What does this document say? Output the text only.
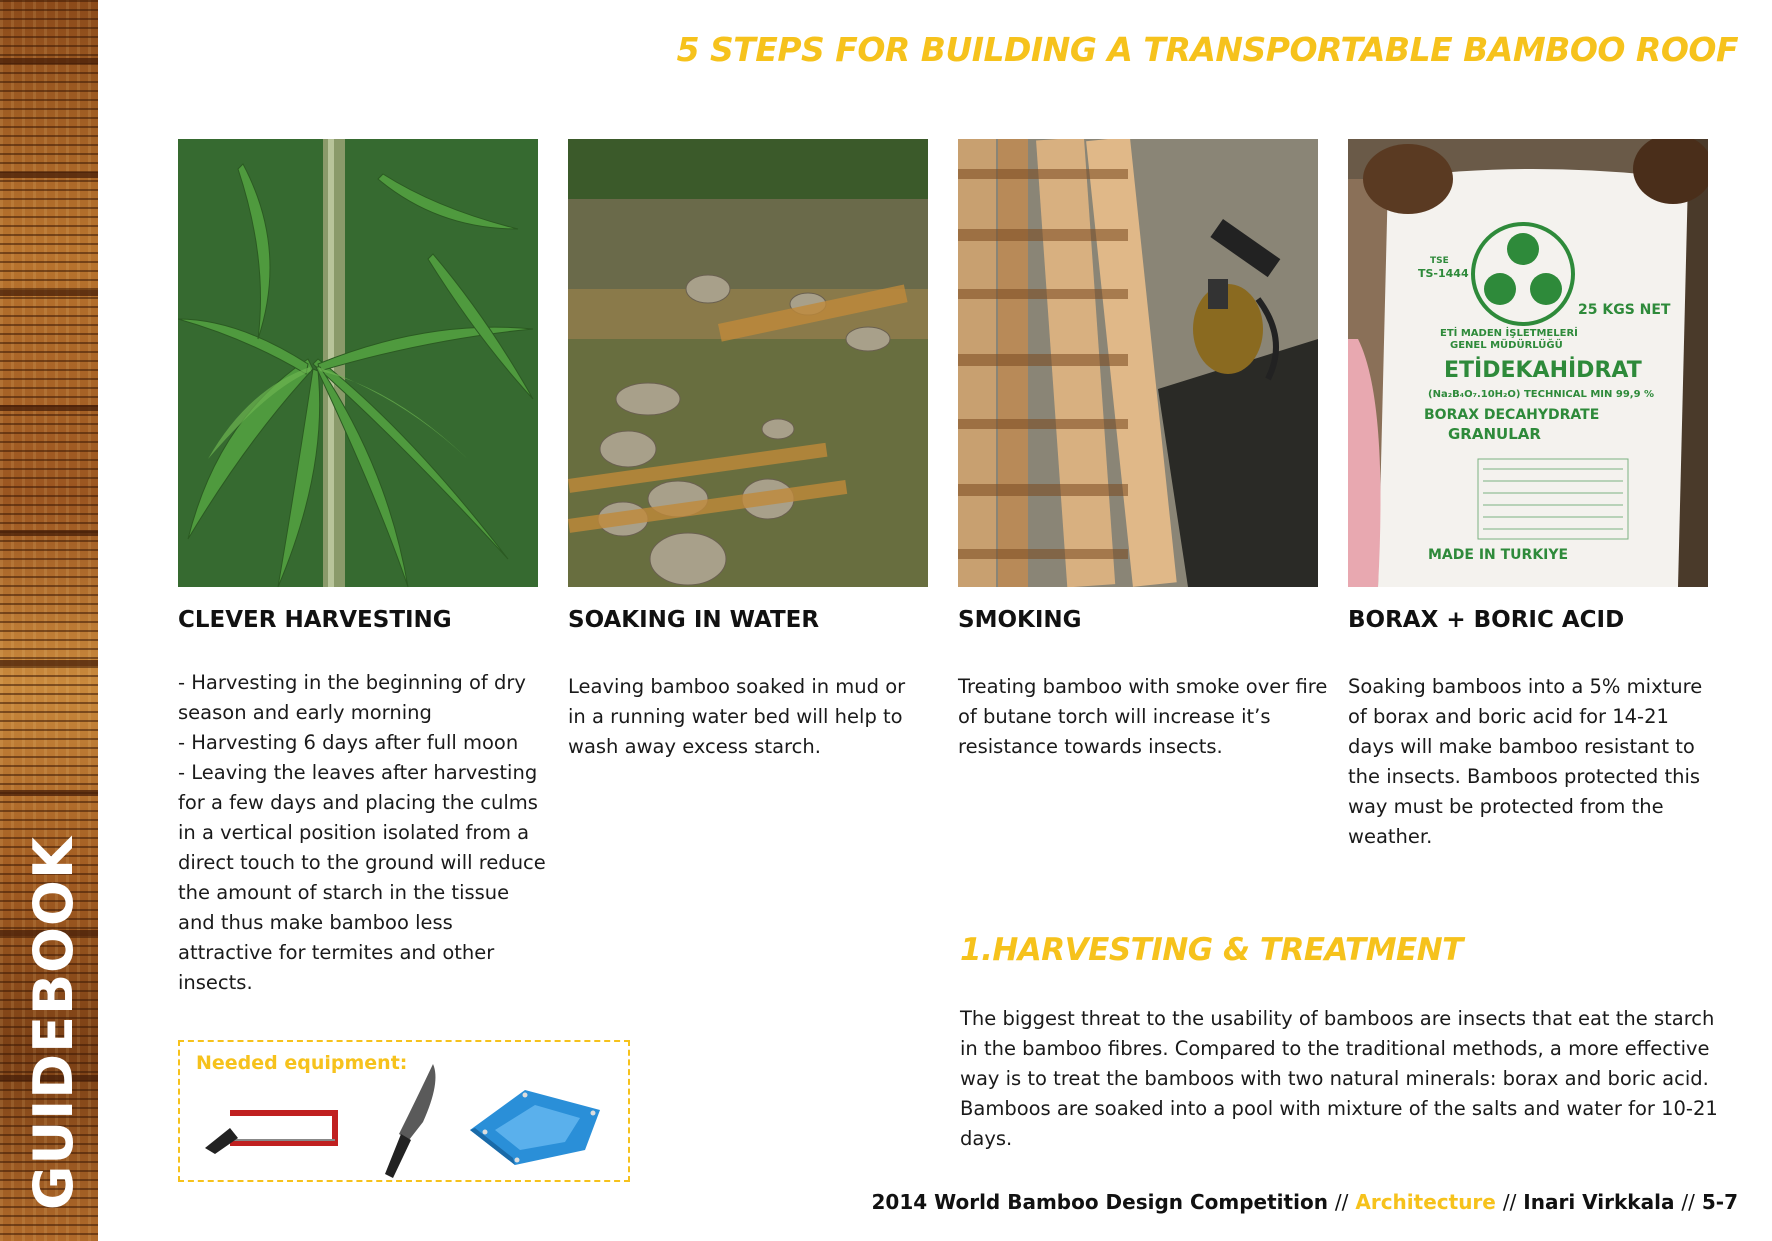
GUIDEBOOK
5 STEPS FOR BUILDING A TRANSPORTABLE BAMBOO ROOF
TS-1444
TSE
25 KGS NET
ETİ MADEN İŞLETMELERİ
GENEL MÜDÜRLÜĞÜ
ETİDEKAHİDRAT
(Na₂B₄O₇.10H₂O) TECHNICAL MIN 99,9 %
BORAX DECAHYDRATE
GRANULAR
MADE IN TURKIYE
CLEVER HARVESTING	SOAKING IN WATER	SMOKING	BORAX + BORIC ACID

- Harvesting in the beginning of dry season and early morning

- Harvesting 6 days after full moon

- Leaving the leaves after harvesting for a few days and placing the culms in a vertical position isolated from a direct touch to the ground will reduce the amount of starch in the tissue and thus make bamboo less attractive for termites and other insects.

Leaving bamboo soaked in mud or in a running water bed will help to wash away excess starch.

Treating bamboo with smoke over fire of butane torch will increase it’s resistance towards insects.

Soaking bamboos into a 5% mixture of borax and boric acid for 14-21 days will make bamboo resistant to the insects. Bamboos protected this way must be protected from the weather.

Needed equipment:
1.HARVESTING & TREATMENT
The biggest threat to the usability of bamboos are insects that eat the starch in the bamboo fibres. Compared to the traditional methods, a more effective way is to treat the bamboos with two natural minerals: borax and boric acid. Bamboos are soaked into a pool with mixture of the salts and water for 10-21 days.
2014 World Bamboo Design Competition // Architecture // Inari Virkkala // 5-7
